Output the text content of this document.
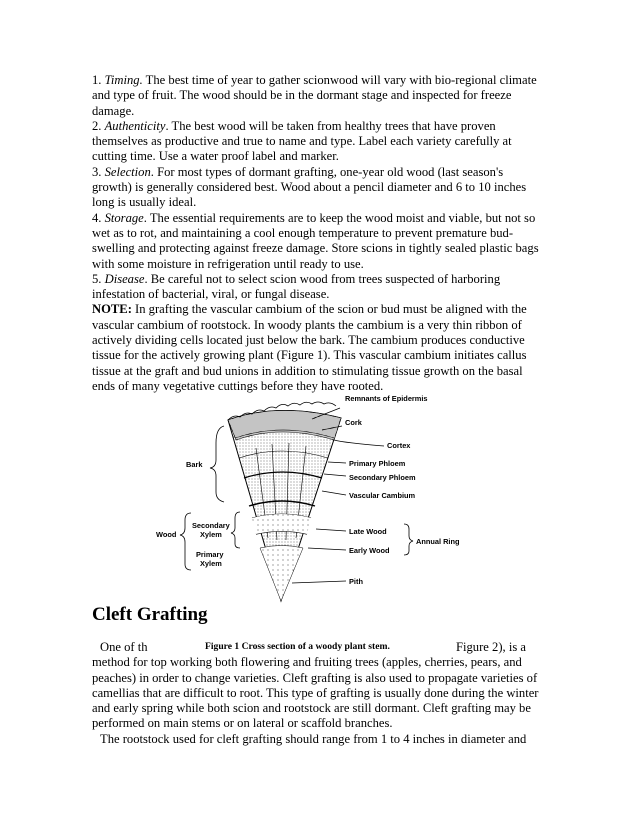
1. Timing. The best time of year to gather scionwood will vary with bio-regional climate and type of fruit. The wood should be in the dormant stage and inspected for freeze damage.
2. Authenticity. The best wood will be taken from healthy trees that have proven themselves as productive and true to name and type. Label each variety carefully at cutting time. Use a water proof label and marker.
3. Selection. For most types of dormant grafting, one-year old wood (last season's growth) is generally considered best. Wood about a pencil diameter and 6 to 10 inches long is usually ideal.
4. Storage. The essential requirements are to keep the wood moist and viable, but not so wet as to rot, and maintaining a cool enough temperature to prevent premature bud-swelling and protecting against freeze damage. Store scions in tightly sealed plastic bags with some moisture in refrigeration until ready to use.
5. Disease. Be careful not to select scion wood from trees suspected of harboring infestation of bacterial, viral, or fungal disease.
NOTE: In grafting the vascular cambium of the scion or bud must be aligned with the vascular cambium of rootstock. In woody plants the cambium is a very thin ribbon of actively dividing cells located just below the bark. The cambium produces conductive tissue for the actively growing plant (Figure 1). This vascular cambium initiates callus tissue at the graft and bud unions in addition to stimulating tissue growth on the basal ends of many vegetative cuttings before they have rooted.
Remnants of Epidermis
Cork
Cortex
Bark	Primary Phloem
Secondary Phloem
Vascular Cambium
Secondary
Xylem
Wood	Late Wood
Annual Ring
Early Wood
Primary
Xylem
Pith
Cleft Grafting
One of th	Figure 2), is a
method for top working both flowering and fruiting trees (apples, cherries, pears, and peaches) in order to change varieties. Cleft grafting is also used to propagate varieties of camellias that are difficult to root. This type of grafting is usually done during the winter and early spring while both scion and rootstock are still dormant. Cleft grafting may be performed on main stems or on lateral or scaffold branches.
The rootstock used for cleft grafting should range from 1 to 4 inches in diameter and
Figure 1 Cross section of a woody plant stem.
